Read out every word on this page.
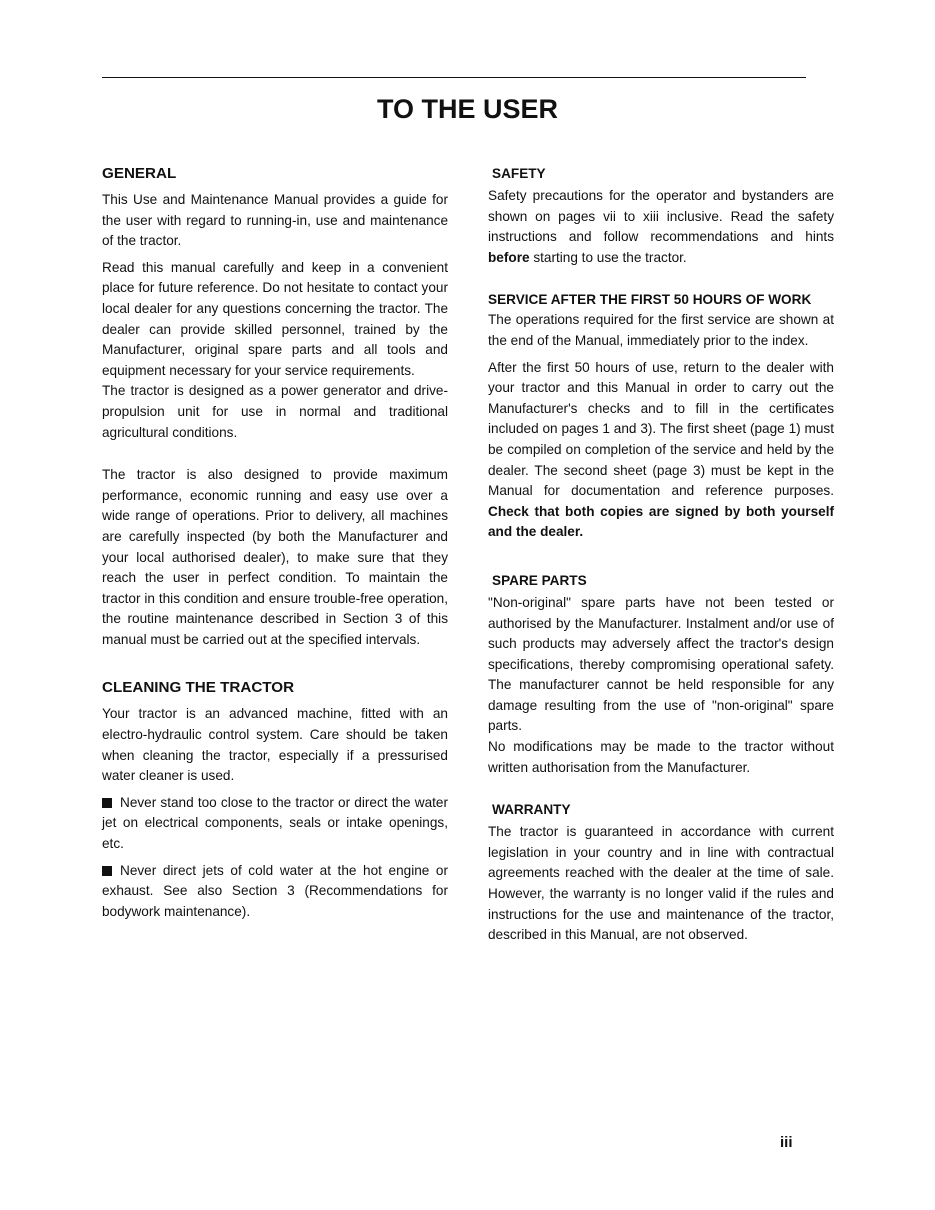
TO THE USER
GENERAL

This Use and Maintenance Manual provides a guide for the user with regard to running-in, use and maintenance of the tractor.

Read this manual carefully and keep in a convenient place for future reference. Do not hesitate to contact your local dealer for any questions concerning the tractor. The dealer can provide skilled personnel, trained by the Manufacturer, original spare parts and all tools and equipment necessary for your service requirements.

The tractor is designed as a power generator and drive-propulsion unit for use in normal and traditional agricultural conditions.

The tractor is also designed to provide maximum performance, economic running and easy use over a wide range of operations. Prior to delivery, all machines are carefully inspected (by both the Manufacturer and your local authorised dealer), to make sure that they reach the user in perfect condition. To maintain the tractor in this condition and ensure trouble-free operation, the routine maintenance described in Section 3 of this manual must be carried out at the specified intervals.

CLEANING THE TRACTOR

Your tractor is an advanced machine, fitted with an electro-hydraulic control system. Care should be taken when cleaning the tractor, especially if a pressurised water cleaner is used.

Never stand too close to the tractor or direct the water jet on electrical components, seals or intake openings, etc.

Never direct jets of cold water at the hot engine or exhaust. See also Section 3 (Recommendations for bodywork maintenance).

SAFETY

Safety precautions for the operator and bystanders are shown on pages vii to xiii inclusive. Read the safety instructions and follow recommendations and hints before starting to use the tractor.

SERVICE AFTER THE FIRST 50 HOURS OF WORK

The operations required for the first service are shown at the end of the Manual, immediately prior to the index.

After the first 50 hours of use, return to the dealer with your tractor and this Manual in order to carry out the Manufacturer's checks and to fill in the certificates included on pages 1 and 3). The first sheet (page 1) must be compiled on completion of the service and held by the dealer. The second sheet (page 3) must be kept in the Manual for documentation and reference purposes. Check that both copies are signed by both yourself and the dealer.

SPARE PARTS

"Non-original" spare parts have not been tested or authorised by the Manufacturer. Instalment and/or use of such products may adversely affect the tractor's design specifications, thereby compromising operational safety. The manufacturer cannot be held responsible for any damage resulting from the use of "non-original" spare parts.

No modifications may be made to the tractor without written authorisation from the Manufacturer.

WARRANTY

The tractor is guaranteed in accordance with current legislation in your country and in line with contractual agreements reached with the dealer at the time of sale. However, the warranty is no longer valid if the rules and instructions for the use and maintenance of the tractor, described in this Manual, are not observed.

iii
